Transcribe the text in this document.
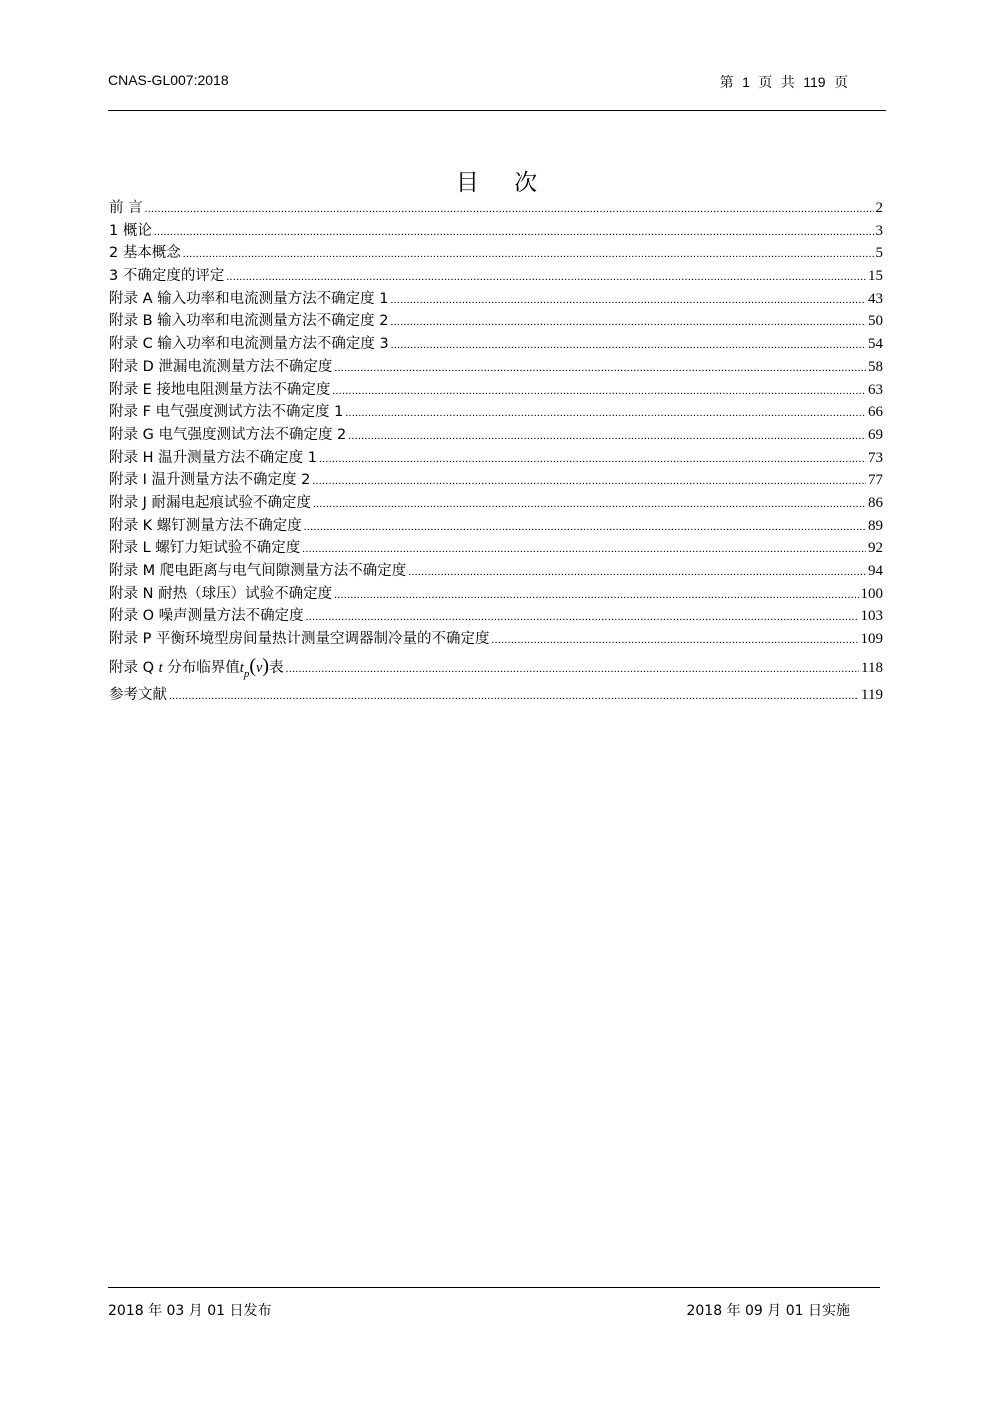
CNAS-GL007:2018	第 1 页 共 119 页
目 次
前 言 .....	2
1 概论 .....	3
2 基本概念 .....	5
3 不确定度的评定 .....	15
附录 A 输入功率和电流测量方法不确定度 1 .....	43
附录 B 输入功率和电流测量方法不确定度 2 .....	50
附录 C 输入功率和电流测量方法不确定度 3 .....	54
附录 D 泄漏电流测量方法不确定度 .....	58
附录 E 接地电阻测量方法不确定度 .....	63
附录 F 电气强度测试方法不确定度 1 .....	66
附录 G 电气强度测试方法不确定度 2 .....	69
附录 H 温升测量方法不确定度 1 .....	73
附录 I 温升测量方法不确定度 2 .....	77
附录 J 耐漏电起痕试验不确定度 .....	86
附录 K 螺钉测量方法不确定度 .....	89
附录 L 螺钉力矩试验不确定度 .....	92
附录 M 爬电距离与电气间隙测量方法不确定度 .....	94
附录 N 耐热（球压）试验不确定度 .....	100
附录 O 噪声测量方法不确定度 .....	103
附录 P 平衡环境型房间量热计测量空调器制冷量的不确定度 .....	109
附录 Q t 分布临界值$t_p(v)$表 .....	118
参考文献 .....	119
2018 年 03 月 01 日发布	2018 年 09 月 01 日实施
